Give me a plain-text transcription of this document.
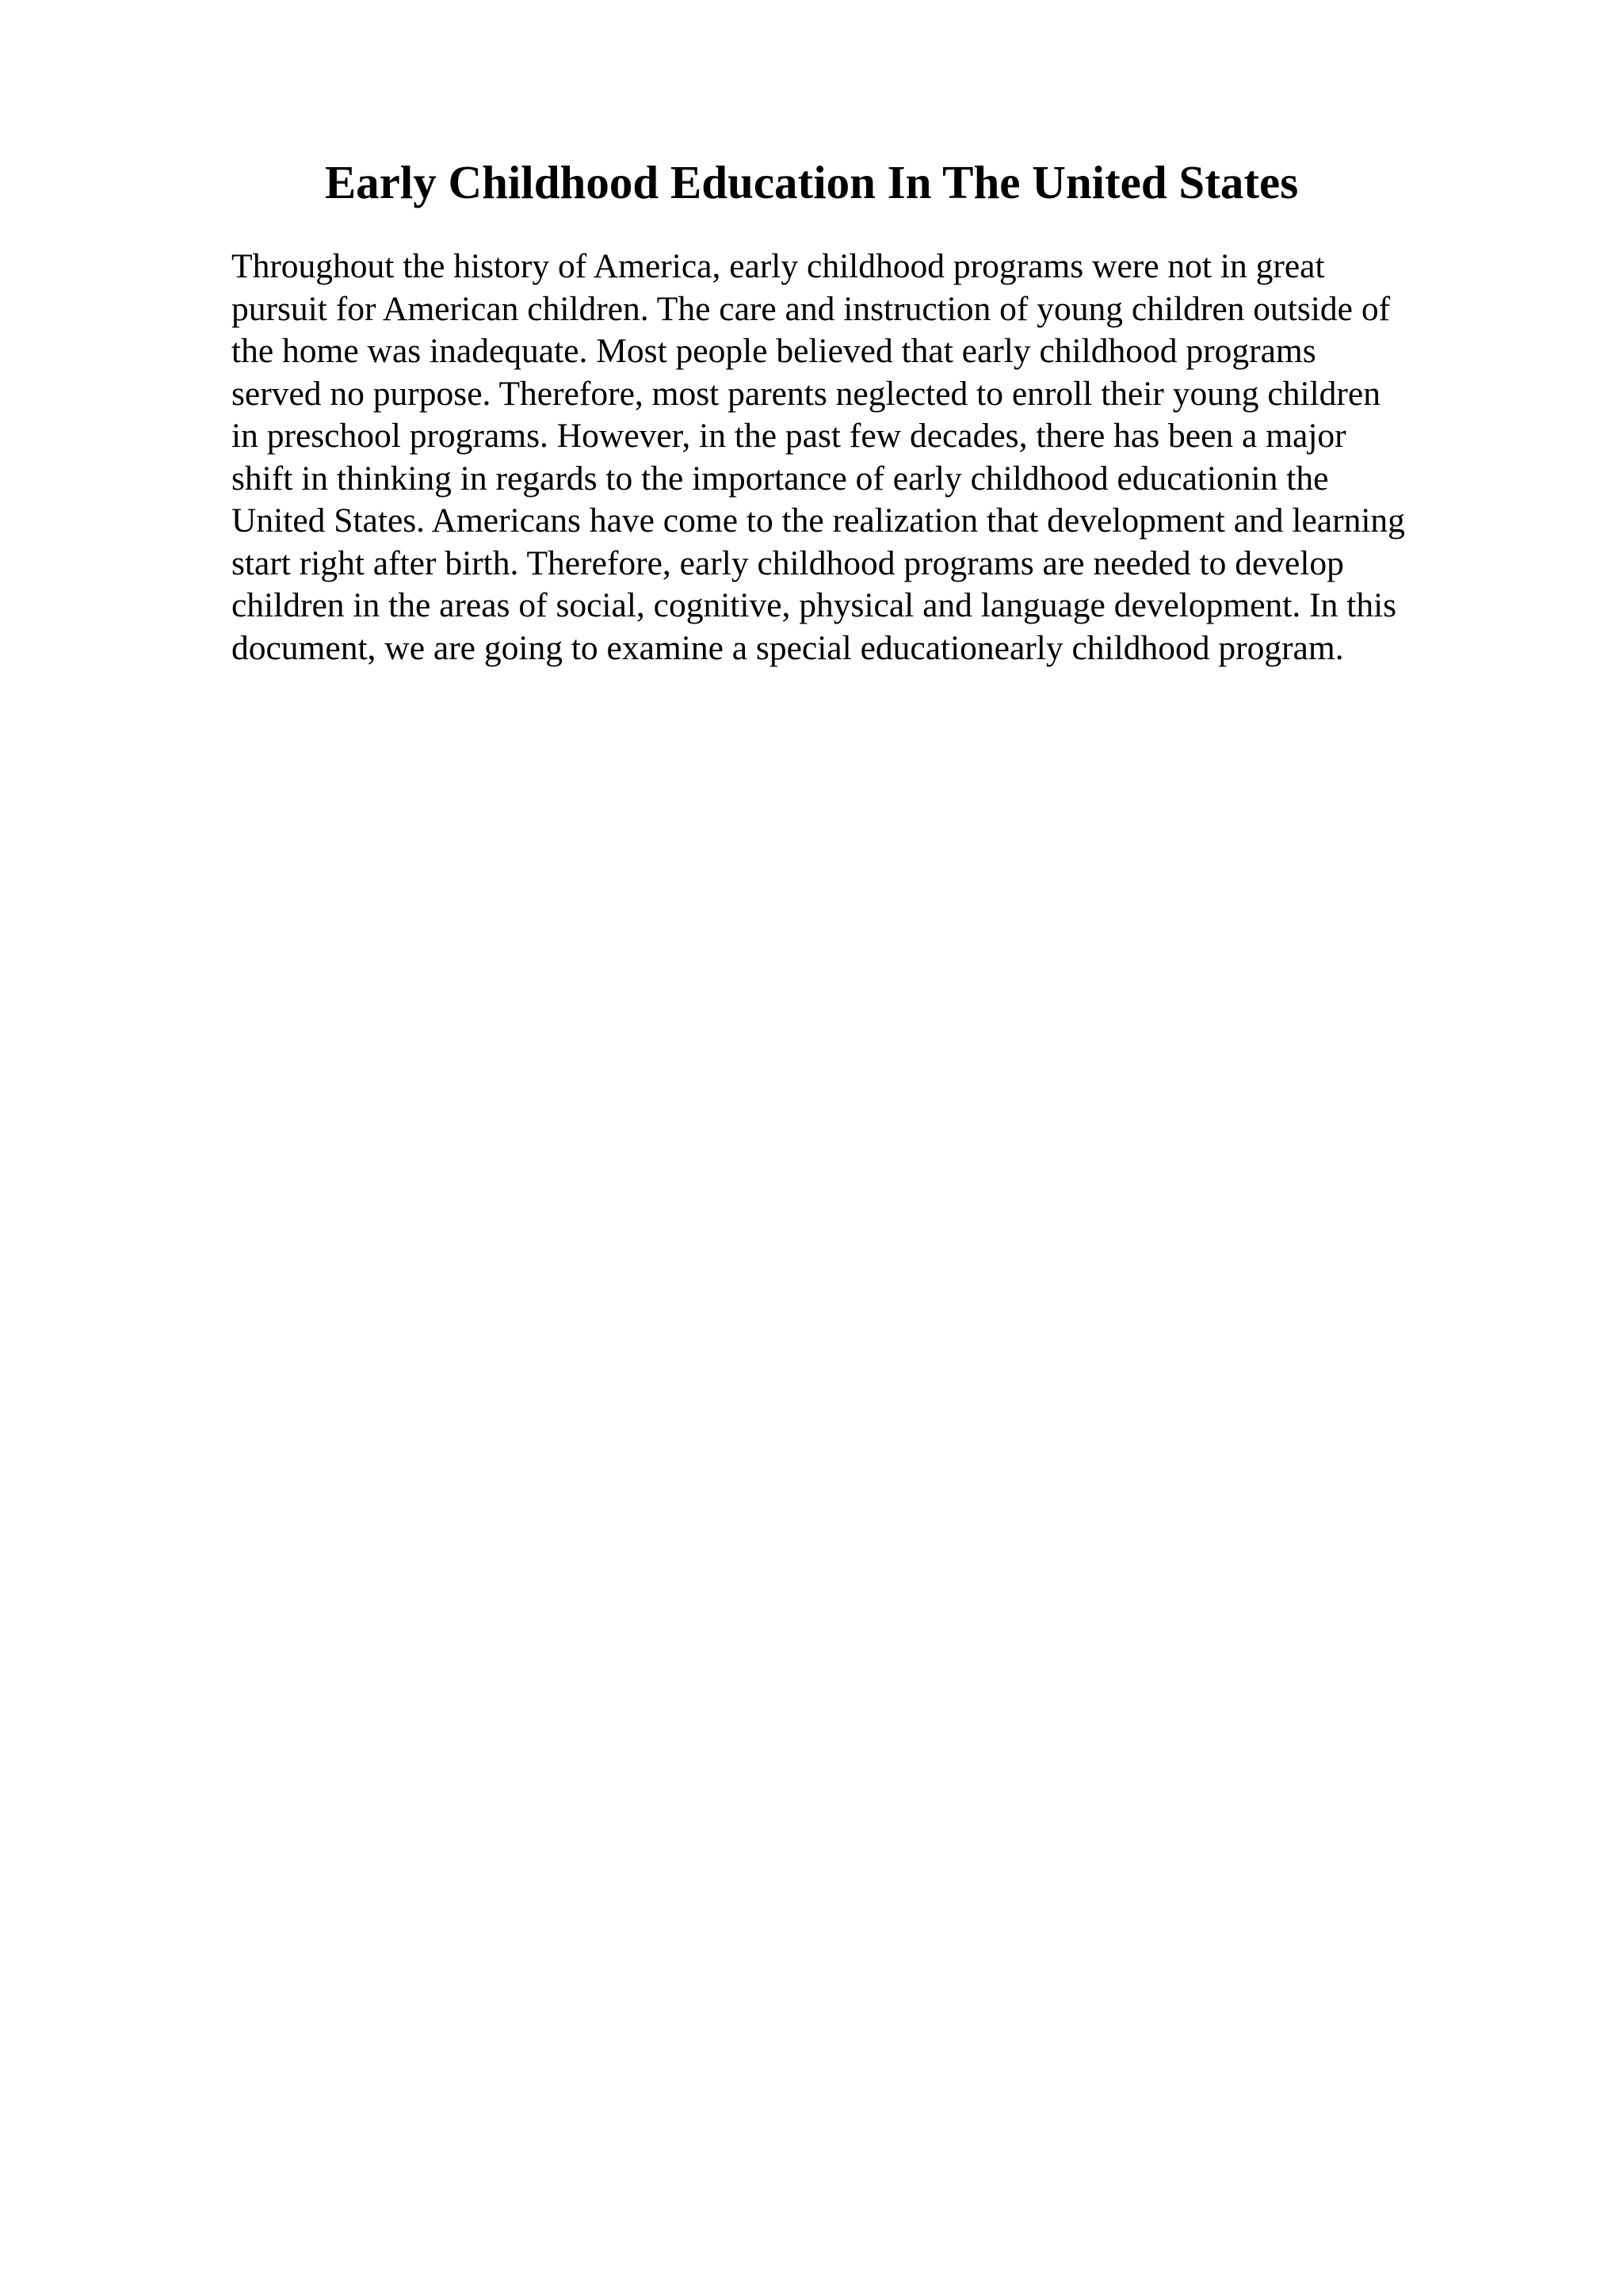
Early Childhood Education In The United States
Throughout the history of America, early childhood programs were not in great
pursuit for American children. The care and instruction of young children outside of
the home was inadequate. Most people believed that early childhood programs
served no purpose. Therefore, most parents neglected to enroll their young children
in preschool programs. However, in the past few decades, there has been a major
shift in thinking in regards to the importance of early childhood educationin the
United States. Americans have come to the realization that development and learning
start right after birth. Therefore, early childhood programs are needed to develop
children in the areas of social, cognitive, physical and language development. In this
document, we are going to examine a special educationearly childhood program.
